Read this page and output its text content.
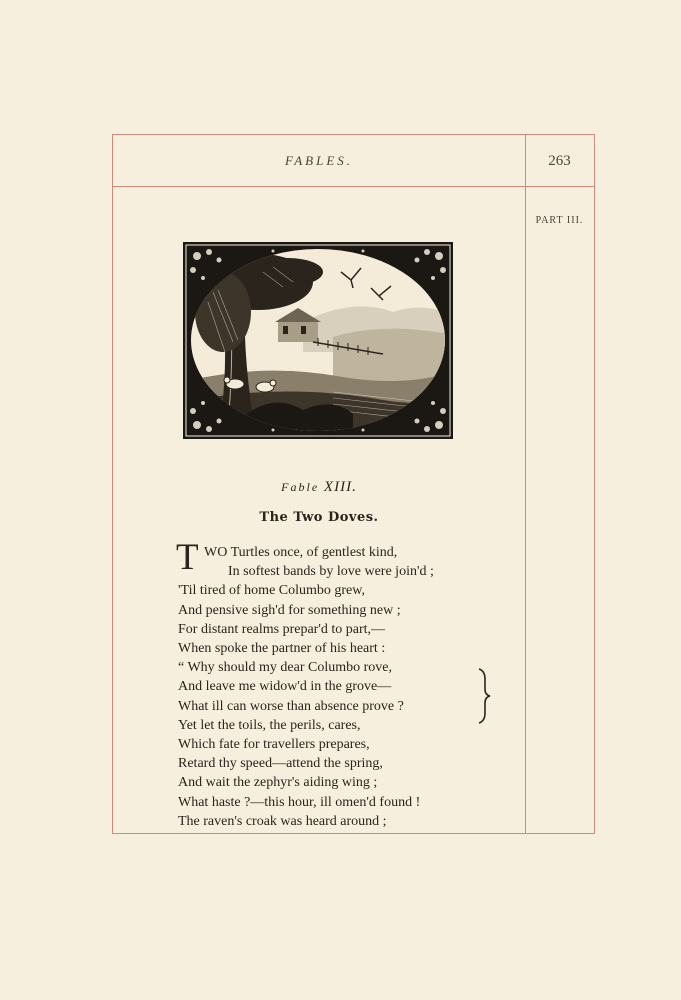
FABLES.	263
PART III.
Fable XIII.
The Two Doves.
T WO Turtles once, of gentlest kind,
In softest bands by love were join'd ;
'Til tired of home Columbo grew,
And pensive sigh'd for something new ;
For distant realms prepar'd to part,—
When spoke the partner of his heart :
“ Why should my dear Columbo rove,
And leave me widow'd in the grove—
What ill can worse than absence prove ?
Yet let the toils, the perils, cares,
Which fate for travellers prepares,
Retard thy speed—attend the spring,
And wait the zephyr's aiding wing ;
What haste ?—this hour, ill omen'd found !
The raven's croak was heard around ;
